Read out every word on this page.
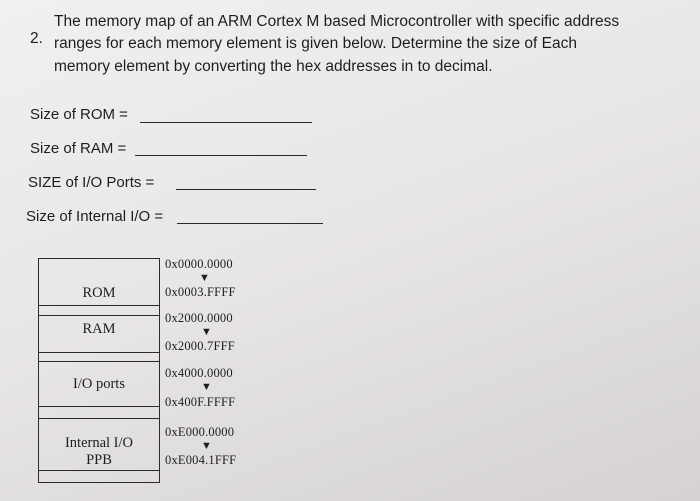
2.
The memory map of an ARM Cortex M based Microcontroller with specific address
ranges for each memory element is given below. Determine the size of Each
memory element by converting the hex addresses in to decimal.
Size of ROM =
Size of RAM =
SIZE of I/O Ports =
Size of Internal I/O =
ROM
RAM
I/O ports
Internal I/O
PPB
0x0000.0000
▼
0x0003.FFFF
0x2000.0000
▼
0x2000.7FFF
0x4000.0000
▼
0x400F.FFFF
0xE000.0000
▼
0xE004.1FFF
